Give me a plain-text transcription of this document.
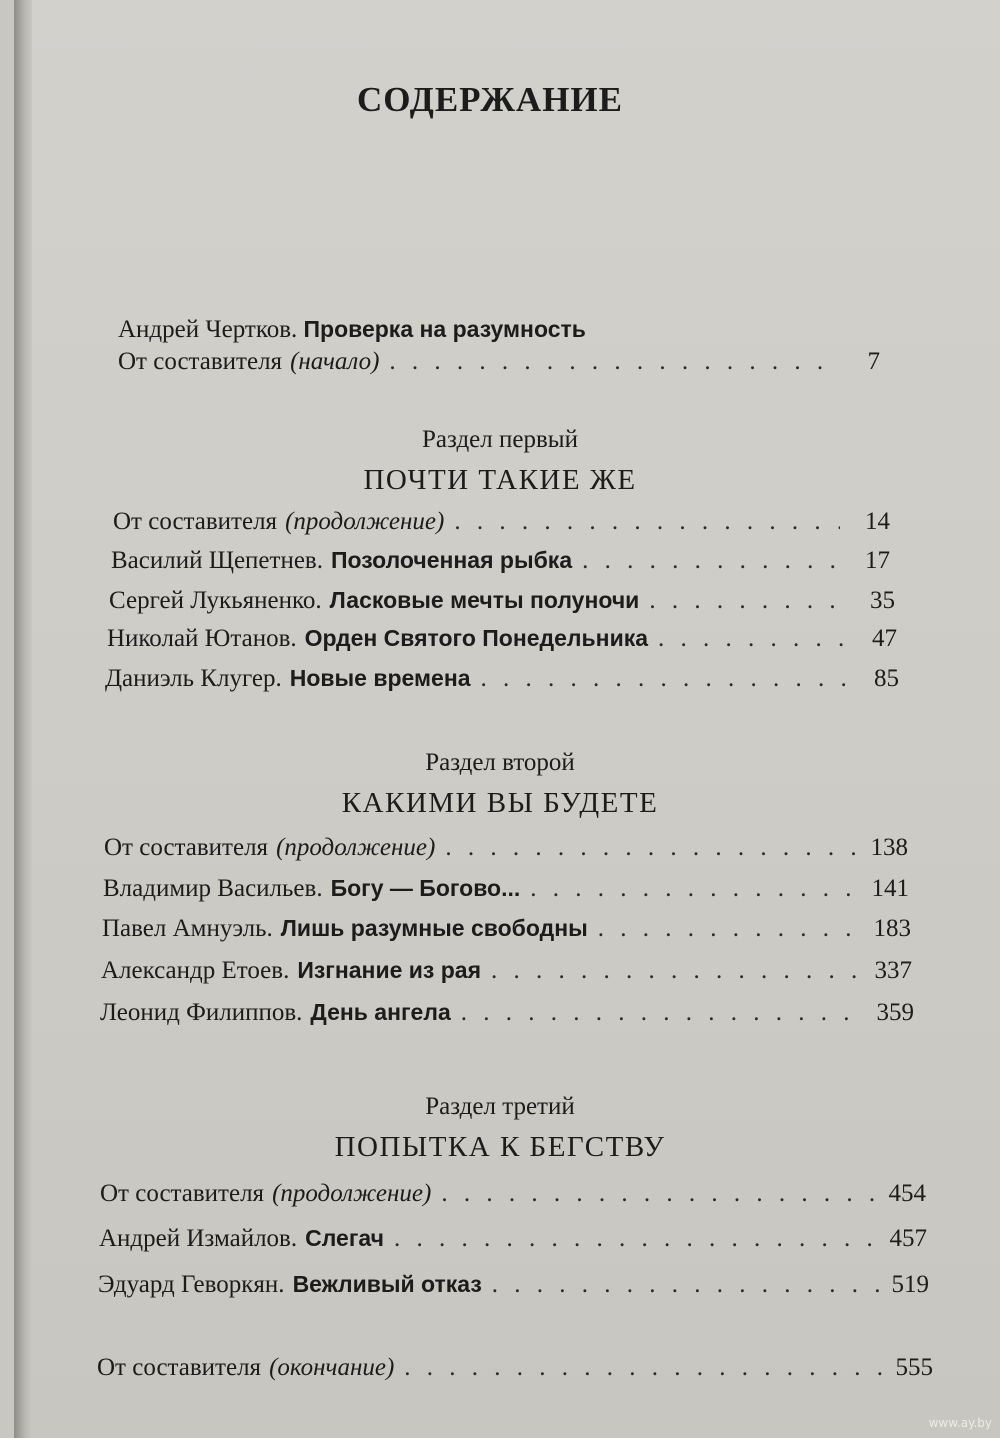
СОДЕРЖАНИЕ
Андрей Чертков. Проверка на разумность
От составителя (начало) . . .	7
Раздел первый
ПОЧТИ ТАКИЕ ЖЕ
От составителя (продолжение) . . .	14
Василий Щепетнев. Позолоченная рыбка . . .	17
Сергей Лукьяненко. Ласковые мечты полуночи . . .	35
Николай Ютанов. Орден Святого Понедельника . . .	47
Даниэль Клугер. Новые времена . . .	85
Раздел второй
КАКИМИ ВЫ БУДЕТЕ
От составителя (продолжение) . . .	138
Владимир Васильев. Богу — Богово... . . .	141
Павел Амнуэль. Лишь разумные свободны . . .	183
Александр Етоев. Изгнание из рая . . .	337
Леонид Филиппов. День ангела . . .	359
Раздел третий
ПОПЫТКА К БЕГСТВУ
От составителя (продолжение) . . .	454
Андрей Измайлов. Слегач . . .	457
Эдуард Геворкян. Вежливый отказ . . .	519
От составителя (окончание) . . .	555
www.ay.by
